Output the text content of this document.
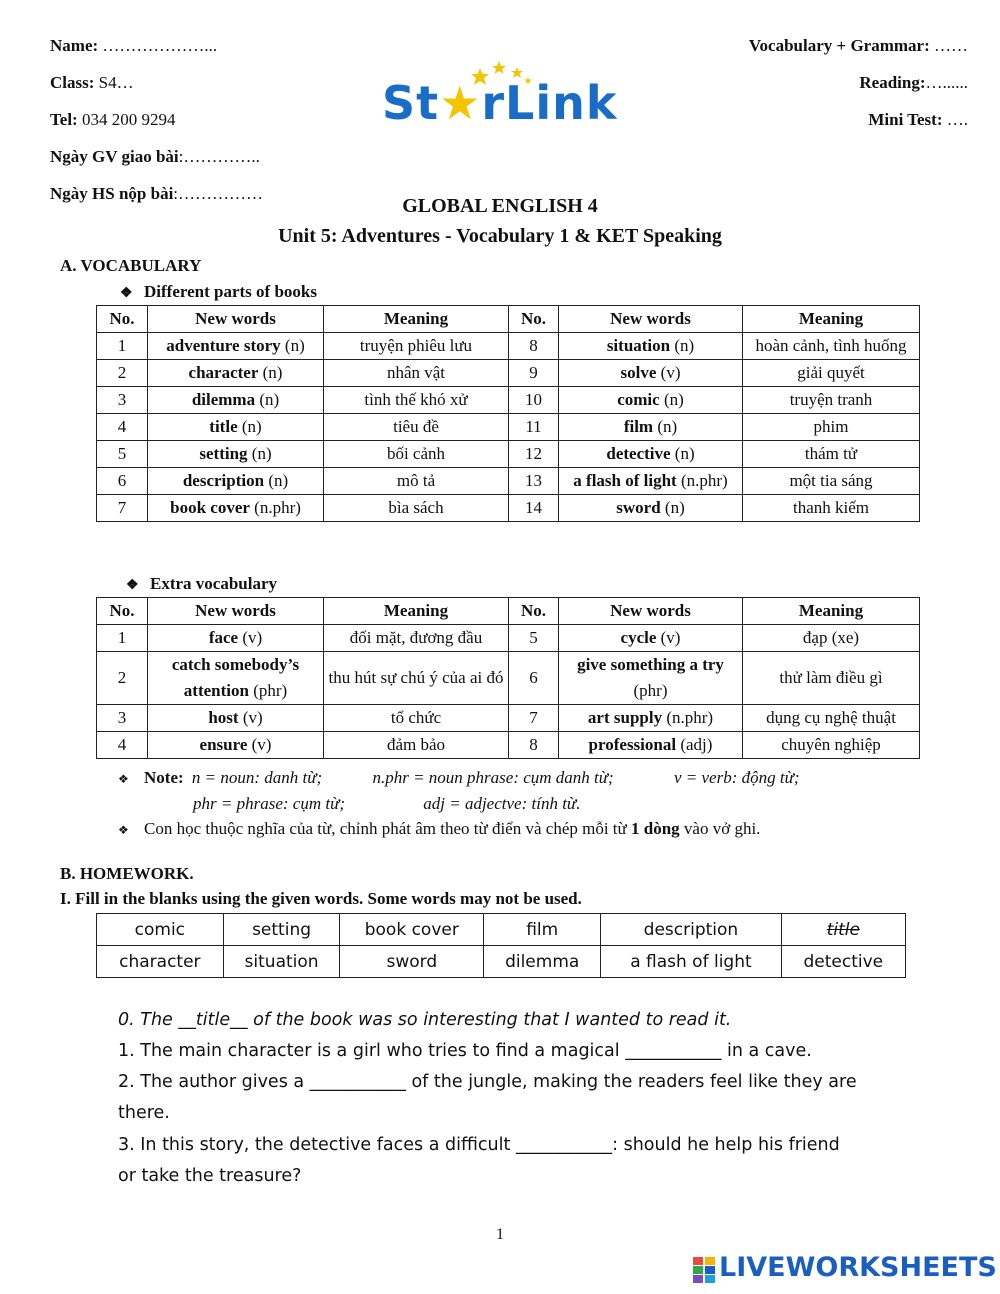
Name: ………………...
Class: S4…
Tel: 034 200 9294
Ngày GV giao bài:…………..
Ngày HS nộp bài:……………
Vocabulary + Grammar: ……
Reading:…......
Mini Test: ….
St★rLink
GLOBAL ENGLISH 4
Unit 5: Adventures - Vocabulary 1 & KET Speaking
A. VOCABULARY
❖ Different parts of books
No.	New words	Meaning	No.	New words	Meaning
1	adventure story (n)	truyện phiêu lưu	8	situation (n)	hoàn cảnh, tình huống
2	character (n)	nhân vật	9	solve (v)	giải quyết
3	dilemma (n)	tình thế khó xử	10	comic (n)	truyện tranh
4	title (n)	tiêu đề	11	film (n)	phim
5	setting (n)	bối cảnh	12	detective (n)	thám tử
6	description (n)	mô tả	13	a flash of light (n.phr)	một tia sáng
7	book cover (n.phr)	bìa sách	14	sword (n)	thanh kiếm
❖ Extra vocabulary
No.	New words	Meaning	No.	New words	Meaning
1	face (v)	đối mặt, đương đầu	5	cycle (v)	đạp (xe)
2	catch somebody’s attention (phr)	thu hút sự chú ý của ai đó	6	give something a try (phr)	thử làm điều gì
3	host (v)	tổ chức	7	art supply (n.phr)	dụng cụ nghệ thuật
4	ensure (v)	đảm bảo	8	professional (adj)	chuyên nghiệp
❖ Note: n = noun: danh từ;	n.phr = noun phrase: cụm danh từ;	v = verb: động từ;
phr = phrase: cụm từ;	adj = adjectve: tính từ.
❖ Con học thuộc nghĩa của từ, chỉnh phát âm theo từ điển và chép mỗi từ 1 dòng vào vở ghi.
B. HOMEWORK.
I. Fill in the blanks using the given words. Some words may not be used.
comic	setting	book cover	film	description	title
character	situation	sword	dilemma	a flash of light	detective
0. The __title__ of the book was so interesting that I wanted to read it.
1. The main character is a girl who tries to find a magical ___________ in a cave.
2. The author gives a ___________ of the jungle, making the readers feel like they are
there.
3. In this story, the detective faces a difficult ___________: should he help his friend
or take the treasure?
1
LIVEWORKSHEETS
